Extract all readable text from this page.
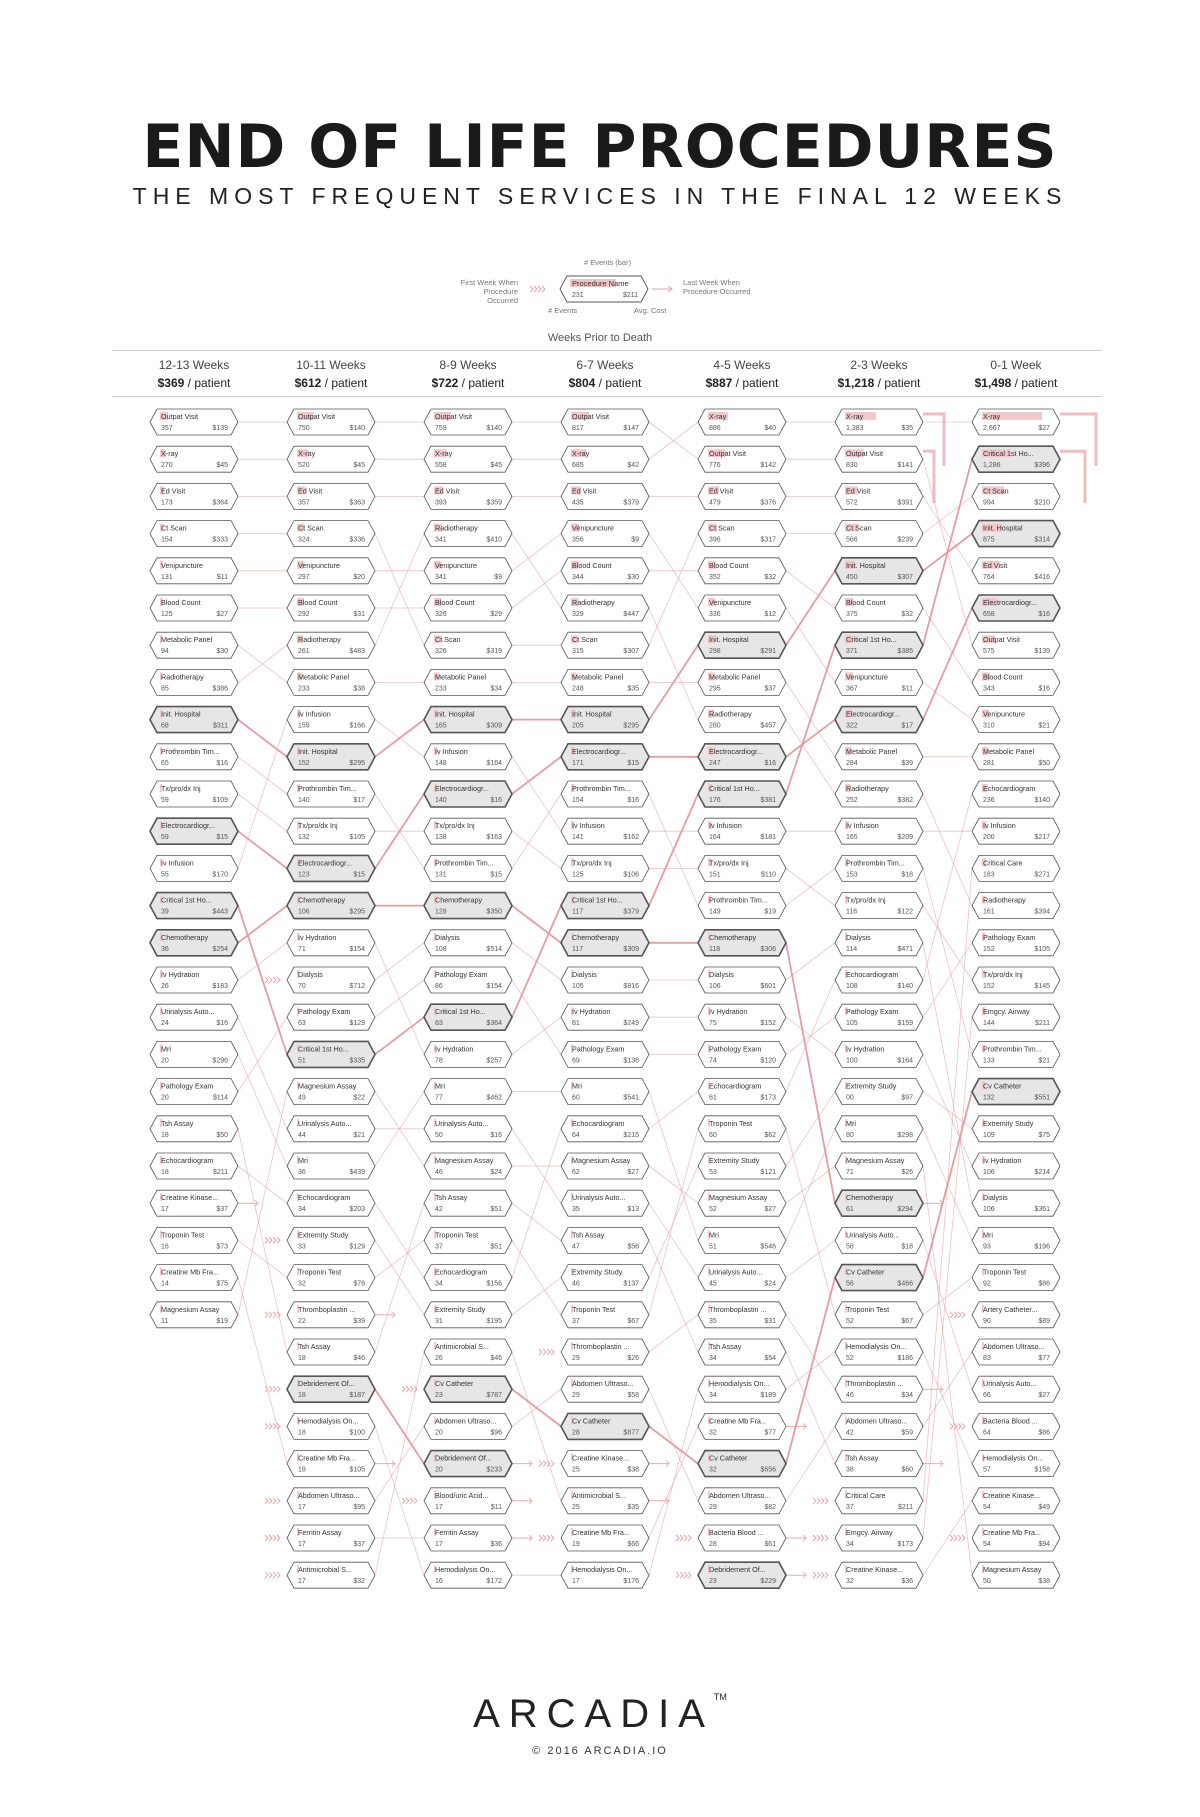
END OF LIFE PROCEDURES
THE MOST FREQUENT SERVICES IN THE FINAL 12 WEEKS
# Events (bar)
First Week When
Procedure Occurred
Last Week When
Procedure Occurred
# Events	Avg. Cost
Weeks Prior to Death
12-13 Weeks
$369 / patient
10-11 Weeks
$612 / patient
8-9 Weeks
$722 / patient
6-7 Weeks
$804 / patient
4-5 Weeks
$887 / patient
2-3 Weeks
$1,218 / patient
0-1 Week
$1,498 / patient
Outpat Visit
357	$139
X-ray
270	$45
Ed Visit
173	$364
Ct Scan
154	$333
Venipuncture
131	$11
Blood Count
125	$27
Metabolic Panel
94	$30
Radiotherapy
85	$386
Init. Hospital
68	$311
Prothrombin Tim...
65	$16
Tx/pro/dx Inj
59	$109
Electrocardiogr...
59	$15
Iv Infusion
55	$170
Critical 1st Ho...
39	$443
Chemotherapy
36	$254
Iv Hydration
26	$183
Urinalysis Auto...
24	$16
Mri
20	$296
Pathology Exam
20	$114
Tsh Assay
18	$50
Echocardiogram
18	$211
Creatine Kinase...
17	$37
Troponin Test
16	$73
Creatine Mb Fra...
14	$75
Magnesium Assay
11	$19
Outpat Visit
750	$140
X-ray
520	$45
Ed Visit
357	$363
Ct Scan
324	$336
Venipuncture
297	$20
Blood Count
292	$31
Radiotherapy
261	$483
Metabolic Panel
233	$38
Iv Infusion
159	$166
Init. Hospital
152	$295
Prothrombin Tim...
140	$17
Tx/pro/dx Inj
132	$105
Electrocardiogr...
123	$15
Chemotherapy
106	$295
Iv Hydration
71	$154
Dialysis
70	$712
Pathology Exam
63	$129
Critical 1st Ho...
51	$335
Magnesium Assay
49	$22
Urinalysis Auto...
44	$21
Mri
36	$439
Echocardiogram
34	$203
Extremity Study
33	$129
Troponin Test
32	$76
Thromboplastin ...
22	$39
Tsh Assay
18	$46
Debridement Of...
18	$187
Hemodialysis On...
18	$100
Creatine Mb Fra...
18	$105
Abdomen Ultraso...
17	$95
Ferritin Assay
17	$37
Antimicrobial S...
17	$32
Outpat Visit
759	$140
X-ray
558	$45
Ed Visit
393	$359
Radiotherapy
341	$410
Venipuncture
341	$9
Blood Count
326	$29
Ct Scan
326	$319
Metabolic Panel
233	$34
Init. Hospital
165	$309
Iv Infusion
148	$164
Electrocardiogr...
140	$16
Tx/pro/dx Inj
138	$163
Prothrombin Tim...
131	$15
Chemotherapy
128	$350
Dialysis
108	$514
Pathology Exam
86	$154
Critical 1st Ho...
83	$364
Iv Hydration
78	$257
Mri
77	$462
Urinalysis Auto...
50	$16
Magnesium Assay
46	$24
Tsh Assay
42	$51
Troponin Test
37	$51
Echocardiogram
34	$156
Extremity Study
31	$195
Antimicrobial S...
26	$46
Cv Catheter
23	$787
Abdomen Ultraso...
20	$96
Debridement Of...
20	$233
Blood/uric Acid...
17	$11
Ferritin Assay
17	$36
Hemodialysis On...
16	$172
Outpat Visit
817	$147
X-ray
685	$42
Ed Visit
435	$379
Venipuncture
356	$9
Blood Count
344	$30
Radiotherapy
329	$447
Ct Scan
315	$307
Metabolic Panel
248	$35
Init. Hospital
205	$295
Electrocardiogr...
171	$15
Prothrombin Tim...
154	$16
Iv Infusion
141	$162
Tx/pro/dx Inj
125	$106
Critical 1st Ho...
117	$379
Chemotherapy
117	$309
Dialysis
105	$816
Iv Hydration
81	$249
Pathology Exam
69	$136
Mri
60	$541
Echocardiogram
64	$215
Magnesium Assay
62	$27
Urinalysis Auto...
35	$13
Tsh Assay
47	$56
Extremity Study
46	$137
Troponin Test
37	$67
Thromboplastin ...
29	$26
Abdomen Ultraso...
29	$58
Cv Catheter
28	$877
Creatine Kinase...
25	$38
Antimicrobial S...
25	$35
Creatine Mb Fra...
19	$66
Hemodialysis On...
17	$176
X-ray
886	$40
Outpat Visit
776	$142
Ed Visit
479	$376
Ct Scan
396	$317
Blood Count
352	$32
Venipuncture
336	$12
Init. Hospital
298	$291
Metabolic Panel
295	$37
Radiotherapy
280	$457
Electrocardiogr...
247	$16
Critical 1st Ho...
176	$381
Iv Infusion
164	$181
Tx/pro/dx Inj
151	$110
Prothrombin Tim...
149	$19
Chemotherapy
118	$306
Dialysis
106	$601
Iv Hydration
75	$152
Pathology Exam
74	$120
Echocardiogram
61	$173
Troponin Test
60	$62
Extremity Study
53	$121
Magnesium Assay
52	$27
Mri
51	$546
Urinalysis Auto...
45	$24
Thromboplastin ...
35	$31
Tsh Assay
34	$54
Hemodialysis On...
34	$189
Creatine Mb Fra...
32	$77
Cv Catheter
32	$656
Abdomen Ultraso...
29	$82
Bacteria Blood ...
28	$61
Debridement Of...
23	$229
X-ray
1,383	$35
Outpat Visit
830	$141
Ed Visit
572	$391
Ct Scan
566	$239
Init. Hospital
450	$307
Blood Count
375	$32
Critical 1st Ho...
371	$385
Venipuncture
367	$11
Electrocardiogr...
322	$17
Metabolic Panel
284	$39
Radiotherapy
252	$382
Iv Infusion
165	$209
Prothrombin Tim...
153	$18
Tx/pro/dx Inj
116	$122
Dialysis
114	$471
Echocardiogram
108	$140
Pathology Exam
105	$159
Iv Hydration
100	$164
Extremity Study
00	$97
Mri
80	$298
Magnesium Assay
71	$26
Chemotherapy
61	$294
Urinalysis Auto...
58	$18
Cv Catheter
56	$466
Troponin Test
52	$67
Hemodialysis On...
52	$186
Thromboplastin ...
46	$34
Abdomen Ultraso...
42	$59
Tsh Assay
38	$60
Critical Care
37	$211
Emgcy. Airway
34	$173
Creatine Kinase...
32	$36
X-ray
2,667	$27
Critical 1st Ho...
1,286	$396
Ct Scan
994	$210
Init. Hospital
875	$314
Ed Visit
764	$416
Electrocardiogr...
658	$16
Outpat Visit
575	$139
Blood Count
343	$16
Venipuncture
310	$21
Metabolic Panel
281	$50
Echocardiogram
236	$140
Iv Infusion
200	$217
Critical Care
183	$271
Radiotherapy
161	$394
Pathology Exam
152	$105
Tx/pro/dx Inj
152	$145
Emgcy. Airway
144	$211
Prothrombin Tim...
133	$21
Cv Catheter
132	$551
Extremity Study
109	$75
Iv Hydration
106	$214
Dialysis
106	$361
Mri
93	$196
Troponin Test
92	$86
Artery Catheter...
90	$89
Abdomen Ultraso...
83	$77
Urinalysis Auto...
66	$27
Bacteria Blood ...
64	$86
Hemodialysis On...
57	$158
Creatine Kinase...
54	$49
Creatine Mb Fra...
54	$94
Magnesium Assay
50	$38
Procedure Name
231	$211
ARCADIA™
© 2016 ARCADIA.IO
